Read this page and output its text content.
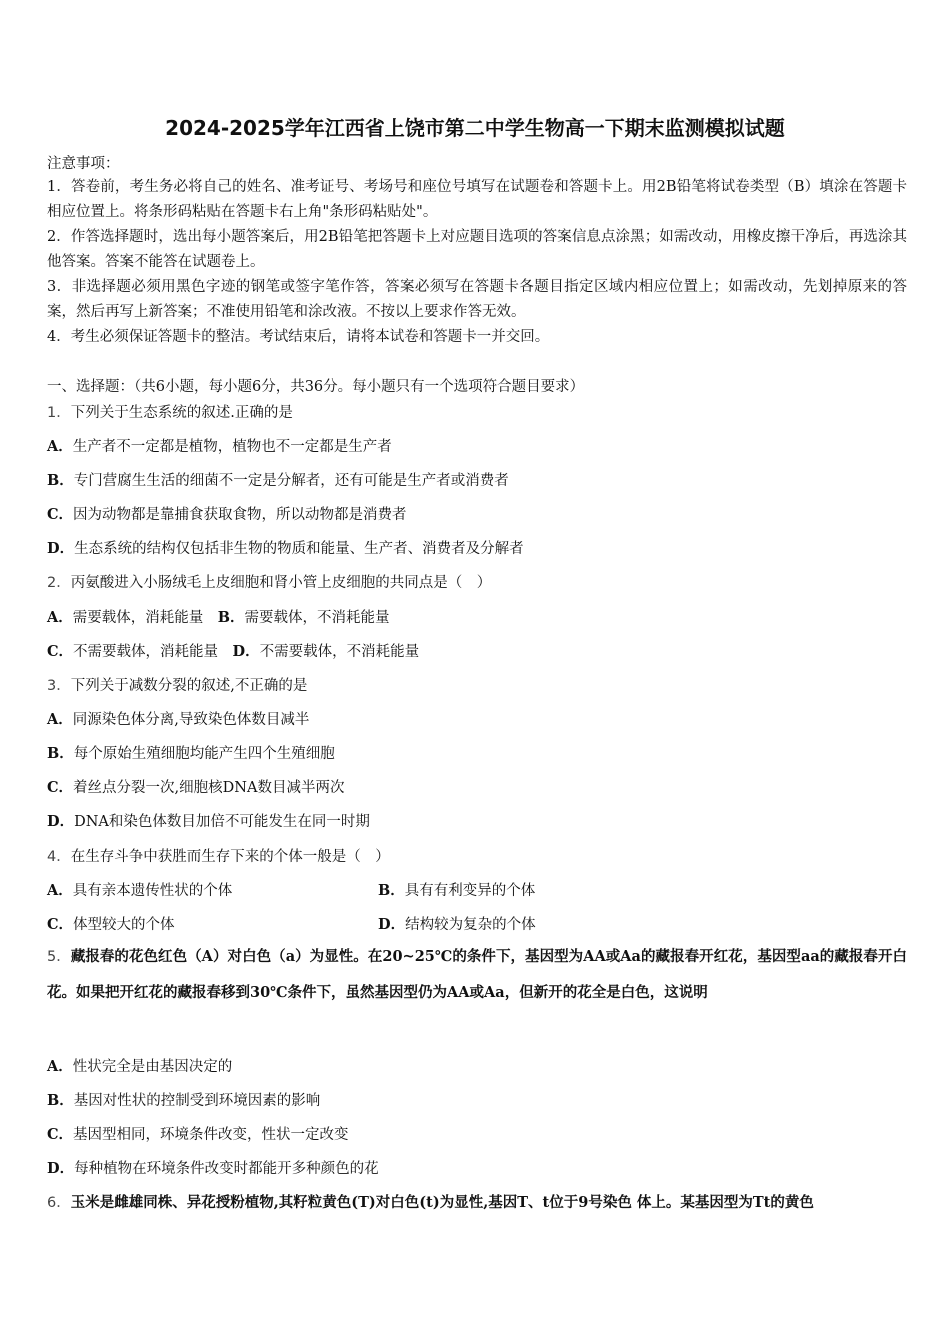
2024-2025学年江西省上饶市第二中学生物高一下期末监测模拟试题
注意事项：
1．答卷前，考生务必将自己的姓名、准考证号、考场号和座位号填写在试题卷和答题卡上。用2B铅笔将试卷类型（B）填涂在答题卡相应位置上。将条形码粘贴在答题卡右上角"条形码粘贴处"。
2．作答选择题时，选出每小题答案后，用2B铅笔把答题卡上对应题目选项的答案信息点涂黑；如需改动，用橡皮擦干净后，再选涂其他答案。答案不能答在试题卷上。
3．非选择题必须用黑色字迹的钢笔或签字笔作答，答案必须写在答题卡各题目指定区域内相应位置上；如需改动，先划掉原来的答案，然后再写上新答案；不准使用铅笔和涂改液。不按以上要求作答无效。
4．考生必须保证答题卡的整洁。考试结束后，请将本试卷和答题卡一并交回。
一、选择题：（共6小题，每小题6分，共36分。每小题只有一个选项符合题目要求）
1．下列关于生态系统的叙述.正确的是
A．生产者不一定都是植物，植物也不一定都是生产者
B．专门营腐生生活的细菌不一定是分解者，还有可能是生产者或消费者
C．因为动物都是靠捕食获取食物，所以动物都是消费者
D．生态系统的结构仅包括非生物的物质和能量、生产者、消费者及分解者
2．丙氨酸进入小肠绒毛上皮细胞和肾小管上皮细胞的共同点是（　）
A．需要载体，消耗能量　 B．需要载体，不消耗能量
C．不需要载体，消耗能量　 D．不需要载体，不消耗能量
3．下列关于减数分裂的叙述,不正确的是
A．同源染色体分离,导致染色体数目减半
B．每个原始生殖细胞均能产生四个生殖细胞
C．着丝点分裂一次,细胞核DNA数目减半两次
D．DNA和染色体数目加倍不可能发生在同一时期
4．在生存斗争中获胜而生存下来的个体一般是（　）
A．具有亲本遗传性状的个体	B．具有有利变异的个体
C．体型较大的个体	D．结构较为复杂的个体
5．藏报春的花色红色（A）对白色（a）为显性。在20~25℃的条件下，基因型为AA或Aa的藏报春开红花，基因型aa的藏报春开白花。如果把开红花的藏报春移到30℃条件下，虽然基因型仍为AA或Aa，但新开的花全是白色，这说明
A．性状完全是由基因决定的
B．基因对性状的控制受到环境因素的影响
C．基因型相同，环境条件改变，性状一定改变
D．每种植物在环境条件改变时都能开多种颜色的花
6．玉米是雌雄同株、异花授粉植物,其籽粒黄色(T)对白色(t)为显性,基因T、t位于9号染色 体上。某基因型为Tt的黄色
